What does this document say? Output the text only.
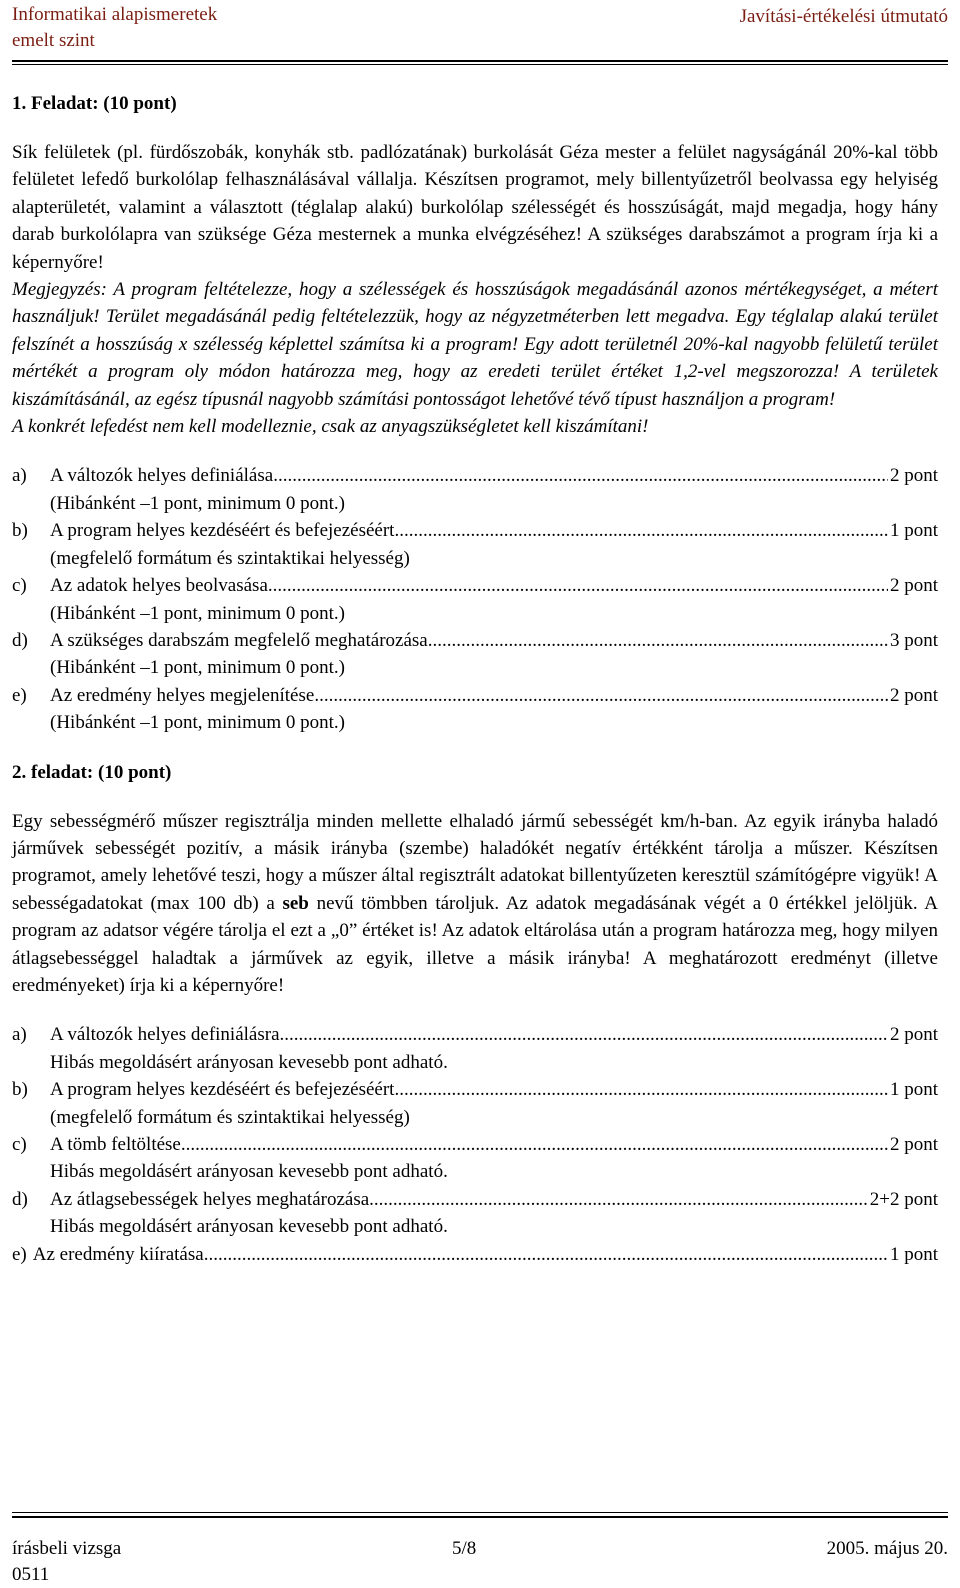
Informatikai alapismeretek
emelt szint
Javítási-értékelési útmutató
1. Feladat: (10 pont)

Sík felületek (pl. fürdőszobák, konyhák stb. padlózatának) burkolását Géza mester a felület nagyságánál 20%-kal több felületet lefedő burkolólap felhasználásával vállalja. Készítsen programot, mely billentyűzetről beolvassa egy helyiség alapterületét, valamint a választott (téglalap alakú) burkolólap szélességét és hosszúságát, majd megadja, hogy hány darab burkolólapra van szüksége Géza mesternek a munka elvégzéséhez! A szükséges darabszámot a program írja ki a képernyőre!

Megjegyzés: A program feltételezze, hogy a szélességek és hosszúságok megadásánál azonos mértékegységet, a métert használjuk! Terület megadásánál pedig feltételezzük, hogy az négyzetméterben lett megadva. Egy téglalap alakú terület felszínét a hosszúság x szélesség képlettel számítsa ki a program! Egy adott területnél 20%-kal nagyobb felületű terület mértékét a program oly módon határozza meg, hogy az eredeti terület értéket 1,2-vel megszorozza! A területek kiszámításánál, az egész típusnál nagyobb számítási pontosságot lehetővé tévő típust használjon a program!

A konkrét lefedést nem kell modelleznie, csak az anyagszükségletet kell kiszámítani!

a)	A változók helyes definiálása .....	2 pont
(Hibánként –1 pont, minimum 0 pont.)
b)	A program helyes kezdéséért és befejezéséért .....	1 pont
(megfelelő formátum és szintaktikai helyesség)
c)	Az adatok helyes beolvasása .....	2 pont
(Hibánként –1 pont, minimum 0 pont.)
d)	A szükséges darabszám megfelelő meghatározása .....	3 pont
(Hibánként –1 pont, minimum 0 pont.)
e)	Az eredmény helyes megjelenítése .....	2 pont
(Hibánként –1 pont, minimum 0 pont.)
2. feladat: (10 pont)

Egy sebességmérő műszer regisztrálja minden mellette elhaladó jármű sebességét km/h-ban. Az egyik irányba haladó járművek sebességét pozitív, a másik irányba (szembe) haladókét negatív értékként tárolja a műszer. Készítsen programot, amely lehetővé teszi, hogy a műszer által regisztrált adatokat billentyűzeten keresztül számítógépre vigyük! A sebességadatokat (max 100 db) a seb nevű tömbben tároljuk. Az adatok megadásának végét a 0 értékkel jelöljük. A program az adatsor végére tárolja el ezt a „0” értéket is! Az adatok eltárolása után a program határozza meg, hogy milyen átlagsebességgel haladtak a járművek az egyik, illetve a másik irányba! A meghatározott eredményt (illetve eredményeket) írja ki a képernyőre!

a)	A változók helyes definiálásra .....	2 pont
Hibás megoldásért arányosan kevesebb pont adható.
b)	A program helyes kezdéséért és befejezéséért .....	1 pont
(megfelelő formátum és szintaktikai helyesség)
c)	A tömb feltöltése .....	2 pont
Hibás megoldásért arányosan kevesebb pont adható.
d)	Az átlagsebességek helyes meghatározása .....	2+2 pont
Hibás megoldásért arányosan kevesebb pont adható.
e) Az eredmény kiíratása .....	1 pont
írásbeli vizsga	5/8	2005. május 20.
0511
